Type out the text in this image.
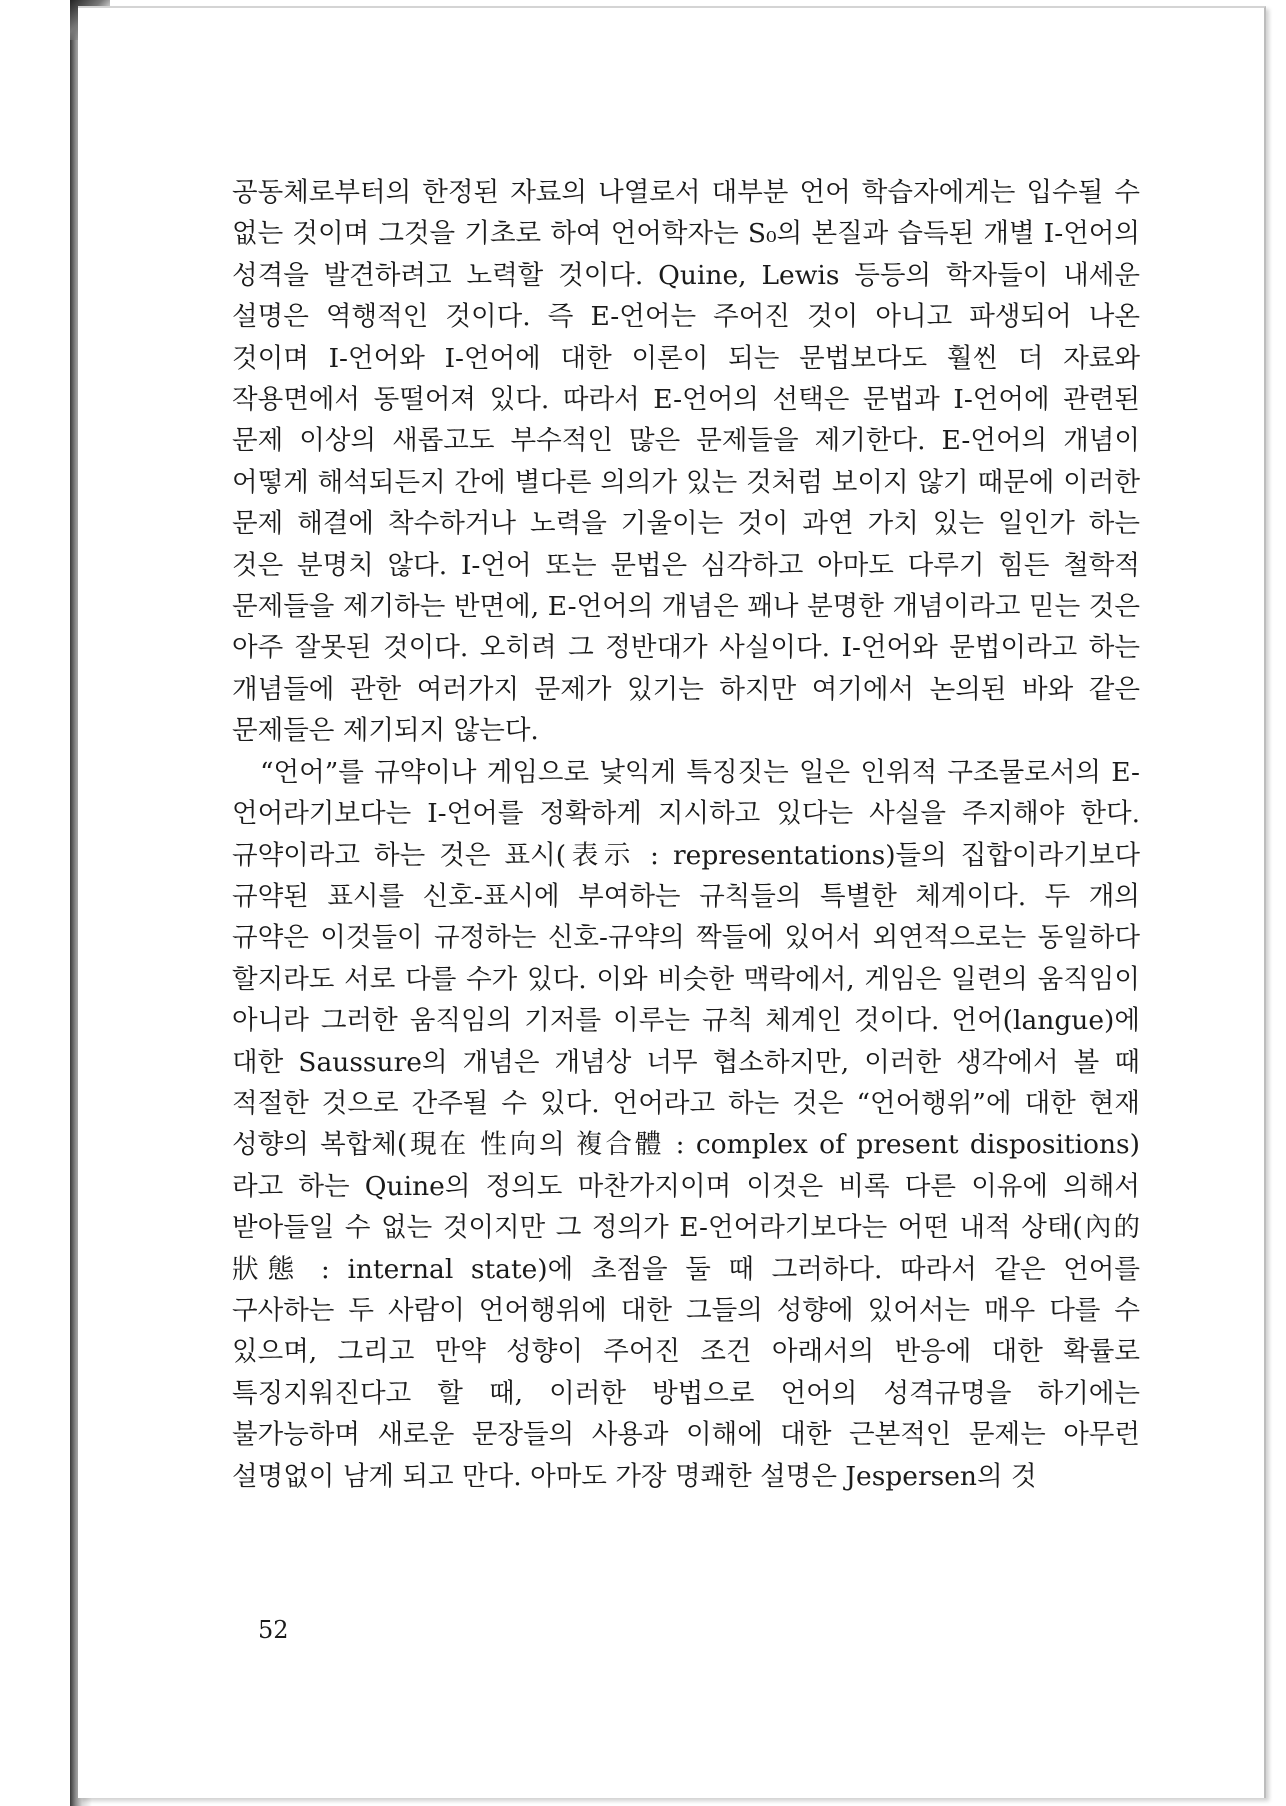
공동체로부터의 한정된 자료의 나열로서 대부분 언어 학습자에게는 입수될 수 없는 것이며 그것을 기초로 하여 언어학자는 S₀의 본질과 습득된 개별 I-언어의 성격을 발견하려고 노력할 것이다. Quine, Lewis 등등의 학자들이 내세운 설명은 역행적인 것이다. 즉 E-언어는 주어진 것이 아니고 파생되어 나온 것이며 I-언어와 I-언어에 대한 이론이 되는 문법보다도 훨씬 더 자료와 작용면에서 동떨어져 있다. 따라서 E-언어의 선택은 문법과 I-언어에 관련된 문제 이상의 새롭고도 부수적인 많은 문제들을 제기한다. E-언어의 개념이 어떻게 해석되든지 간에 별다른 의의가 있는 것처럼 보이지 않기 때문에 이러한 문제 해결에 착수하거나 노력을 기울이는 것이 과연 가치 있는 일인가 하는 것은 분명치 않다. I-언어 또는 문법은 심각하고 아마도 다루기 힘든 철학적 문제들을 제기하는 반면에, E-언어의 개념은 꽤나 분명한 개념이라고 믿는 것은 아주 잘못된 것이다. 오히려 그 정반대가 사실이다. I-언어와 문법이라고 하는 개념들에 관한 여러가지 문제가 있기는 하지만 여기에서 논의된 바와 같은 문제들은 제기되지 않는다.

“언어”를 규약이나 게임으로 낯익게 특징짓는 일은 인위적 구조물로서의 E-언어라기보다는 I-언어를 정확하게 지시하고 있다는 사실을 주지해야 한다. 규약이라고 하는 것은 표시(表示 : representations)들의 집합이라기보다 규약된 표시를 신호-표시에 부여하는 규칙들의 특별한 체계이다. 두 개의 규약은 이것들이 규정하는 신호-규약의 짝들에 있어서 외연적으로는 동일하다 할지라도 서로 다를 수가 있다. 이와 비슷한 맥락에서, 게임은 일련의 움직임이 아니라 그러한 움직임의 기저를 이루는 규칙 체계인 것이다. 언어(langue)에 대한 Saussure의 개념은 개념상 너무 협소하지만, 이러한 생각에서 볼 때 적절한 것으로 간주될 수 있다. 언어라고 하는 것은 “언어행위”에 대한 현재 성향의 복합체(現在 性向의 複合體 : complex of present dispositions)라고 하는 Quine의 정의도 마찬가지이며 이것은 비록 다른 이유에 의해서 받아들일 수 없는 것이지만 그 정의가 E-언어라기보다는 어떤 내적 상태(內的 狀態 : internal state)에 초점을 둘 때 그러하다. 따라서 같은 언어를 구사하는 두 사람이 언어행위에 대한 그들의 성향에 있어서는 매우 다를 수 있으며, 그리고 만약 성향이 주어진 조건 아래서의 반응에 대한 확률로 특징지워진다고 할 때, 이러한 방법으로 언어의 성격규명을 하기에는 불가능하며 새로운 문장들의 사용과 이해에 대한 근본적인 문제는 아무런 설명없이 남게 되고 만다. 아마도 가장 명쾌한 설명은 Jespersen의 것

52
